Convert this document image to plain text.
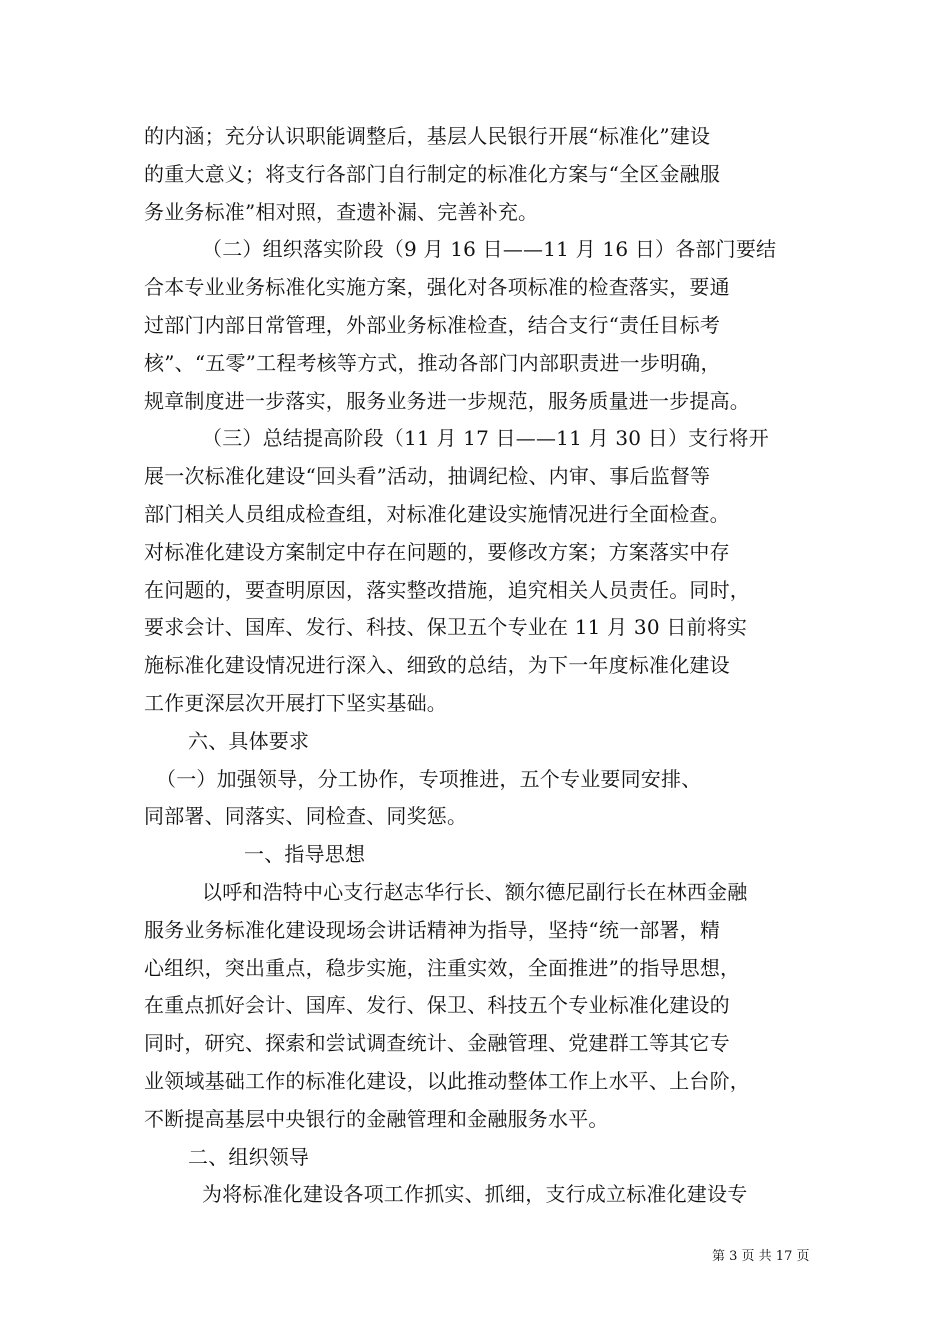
的内涵；充分认识职能调整后，基层人民银行开展“标准化”建设
的重大意义；将支行各部门自行制定的标准化方案与“全区金融服
务业务标准”相对照，查遗补漏、完善补充。
（二）组织落实阶段（9 月 16 日——11 月 16 日）各部门要结
合本专业业务标准化实施方案，强化对各项标准的检查落实，要通
过部门内部日常管理，外部业务标准检查，结合支行“责任目标考
核”、“五零”工程考核等方式，推动各部门内部职责进一步明确，
规章制度进一步落实，服务业务进一步规范，服务质量进一步提高。
（三）总结提高阶段（11 月 17 日——11 月 30 日）支行将开
展一次标准化建设“回头看”活动，抽调纪检、内审、事后监督等
部门相关人员组成检查组，对标准化建设实施情况进行全面检查。
对标准化建设方案制定中存在问题的，要修改方案；方案落实中存
在问题的，要查明原因，落实整改措施，追究相关人员责任。同时，
要求会计、国库、发行、科技、保卫五个专业在 11 月 30 日前将实
施标准化建设情况进行深入、细致的总结，为下一年度标准化建设
工作更深层次开展打下坚实基础。
六、具体要求
（一）加强领导，分工协作，专项推进，五个专业要同安排、
同部署、同落实、同检查、同奖惩。
一、指导思想
以呼和浩特中心支行赵志华行长、额尔德尼副行长在林西金融
服务业务标准化建设现场会讲话精神为指导，坚持“统一部署，精
心组织，突出重点，稳步实施，注重实效，全面推进”的指导思想，
在重点抓好会计、国库、发行、保卫、科技五个专业标准化建设的
同时，研究、探索和尝试调查统计、金融管理、党建群工等其它专
业领域基础工作的标准化建设，以此推动整体工作上水平、上台阶，
不断提高基层中央银行的金融管理和金融服务水平。
二、组织领导
为将标准化建设各项工作抓实、抓细，支行成立标准化建设专
第 3 页 共 17 页
